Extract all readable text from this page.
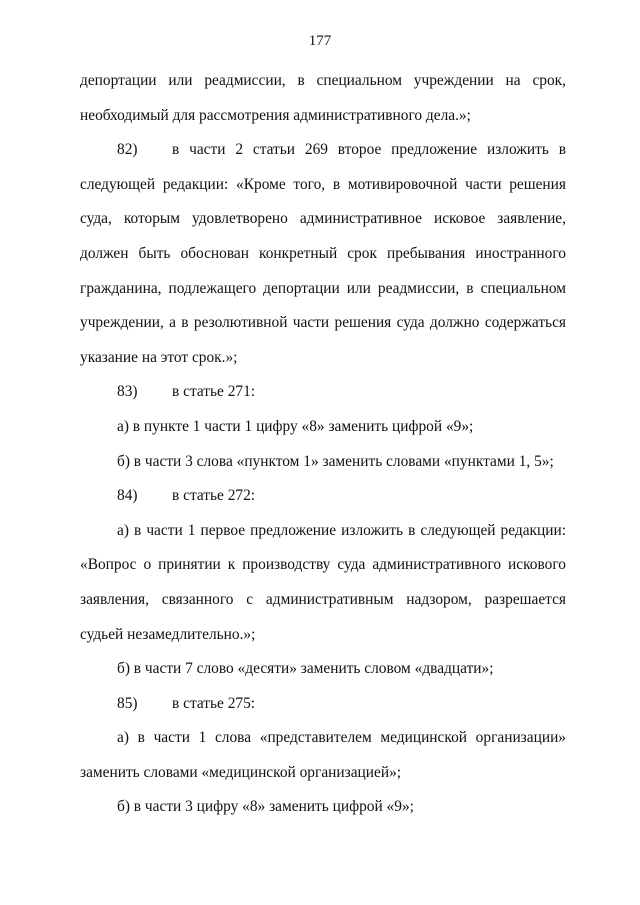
177

депортации или реадмиссии, в специальном учреждении на срок, необходимый для рассмотрения административного дела.»;

82) в части 2 статьи 269 второе предложение изложить в следующей редакции: «Кроме того, в мотивировочной части решения суда, которым удовлетворено административное исковое заявление, должен быть обоснован конкретный срок пребывания иностранного гражданина, подлежащего депортации или реадмиссии, в специальном учреждении, а в резолютивной части решения суда должно содержаться указание на этот срок.»;

83) в статье 271:

а) в пункте 1 части 1 цифру «8» заменить цифрой «9»;

б) в части 3 слова «пунктом 1» заменить словами «пунктами 1, 5»;

84) в статье 272:

а) в части 1 первое предложение изложить в следующей редакции: «Вопрос о принятии к производству суда административного искового заявления, связанного с административным надзором, разрешается судьей незамедлительно.»;

б) в части 7 слово «десяти» заменить словом «двадцати»;

85) в статье 275:

а) в части 1 слова «представителем медицинской организации» заменить словами «медицинской организацией»;

б) в части 3 цифру «8» заменить цифрой «9»;
